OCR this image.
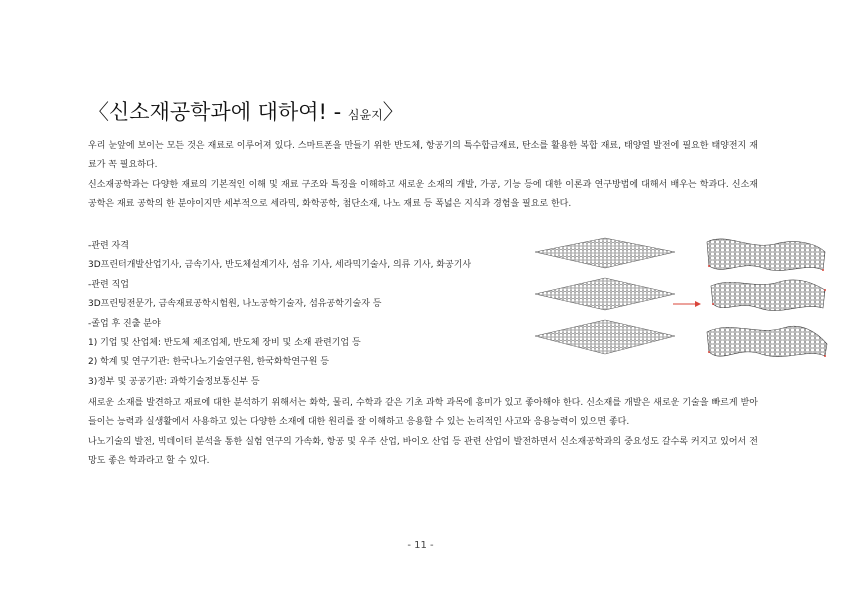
〈신소재공학과에 대하여! - 심윤지〉

우리 눈앞에 보이는 모든 것은 재료로 이루어져 있다. 스마트폰을 만들기 위한 반도체, 항공기의 특수합금재료, 탄소를 활용한 복합 재료, 태양열 발전에 필요한 태양전지 재료가 꼭 필요하다.

신소재공학과는 다양한 재료의 기본적인 이해 및 재료 구조와 특징을 이해하고 새로운 소재의 개발, 가공, 기능 등에 대한 이론과 연구방법에 대해서 배우는 학과다. 신소재 공학은 재료 공학의 한 분야이지만 세부적으로 세라믹, 화학공학, 첨단소재, 나노 재료 등 폭넓은 지식과 경험을 필요로 한다.

-관련 자격
3D프린터개발산업기사, 금속기사, 반도체설계기사, 섬유 기사, 세라믹기술사, 의류 기사, 화공기사
-관련 직업
3D프린팅전문가, 금속재료공학시험원, 나노공학기술자, 섬유공학기술자 등
-졸업 후 진출 분야
1) 기업 및 산업체: 반도체 제조업체, 반도체 장비 및 소재 관련기업 등
2) 학계 및 연구기관: 한국나노기술연구원, 한국화학연구원 등
3)정부 및 공공기관: 과학기술정보통신부 등

새로운 소재를 발견하고 재료에 대한 분석하기 위해서는 화학, 물리, 수학과 같은 기초 과학 과목에 흥미가 있고 좋아해야 한다. 신소재를 개발은 새로운 기술을 빠르게 받아들이는 능력과 실생활에서 사용하고 있는 다양한 소재에 대한 원리를 잘 이해하고 응용할 수 있는 논리적인 사고와 응용능력이 있으면 좋다.

나노기술의 발전, 빅데이터 분석을 통한 실험 연구의 가속화, 항공 및 우주 산업, 바이오 산업 등 관련 산업이 발전하면서 신소재공학과의 중요성도 갈수록 커지고 있어서 전망도 좋은 학과라고 할 수 있다.

- 11 -
